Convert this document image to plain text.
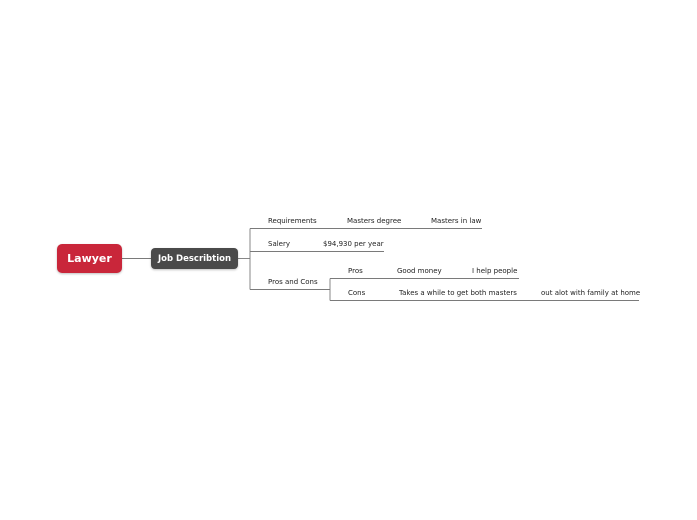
Lawyer	Job Describtion
Requirements	Masters degree	Masters in law
Salery	$94,930 per year
Pros and Cons
Pros	Good money	I help people
Cons	Takes a while to get both masters	out alot with family at home
